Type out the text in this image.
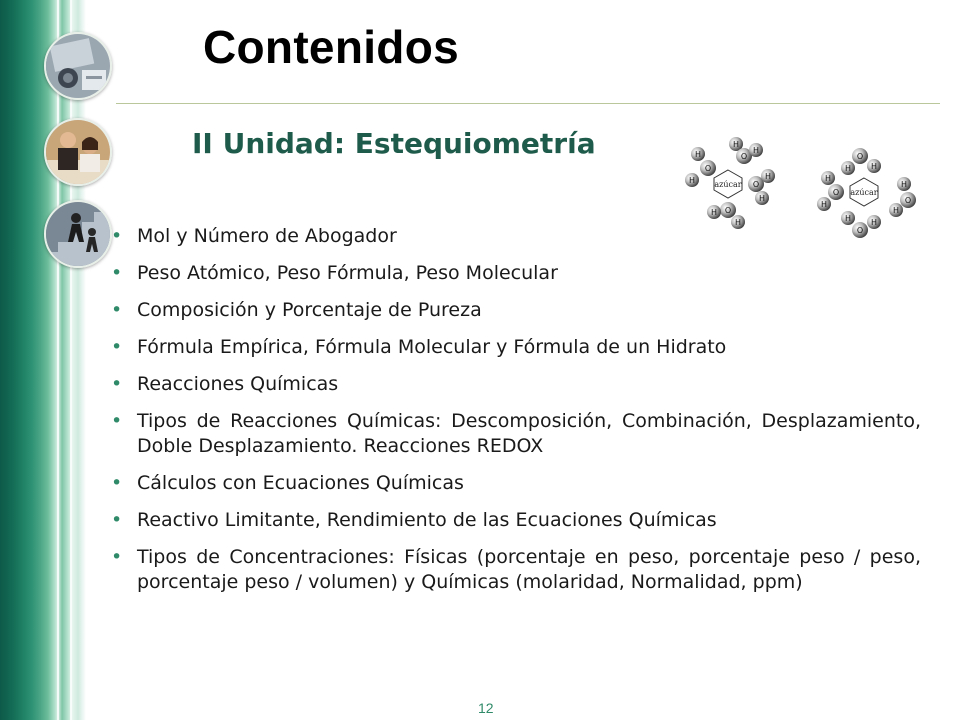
Contenidos
II Unidad: Estequiometría
azúcar
H
O
H
H
O
H
O
H
H
O
H
H
azúcar
O
H H
H
O
H
H
O
H
H
O
H
• Mol y Número de Abogador
• Peso Atómico, Peso Fórmula, Peso Molecular
• Composición y Porcentaje de Pureza
• Fórmula Empírica, Fórmula Molecular y Fórmula de un Hidrato
• Reacciones Químicas
• Tipos de Reacciones Químicas: Descomposición, Combinación, Desplazamiento, Doble Desplazamiento. Reacciones REDOX
• Cálculos con Ecuaciones Químicas
• Reactivo Limitante, Rendimiento de las Ecuaciones Químicas
• Tipos de Concentraciones: Físicas (porcentaje en peso, porcentaje peso / peso, porcentaje peso / volumen) y Químicas (molaridad, Normalidad, ppm)
12
